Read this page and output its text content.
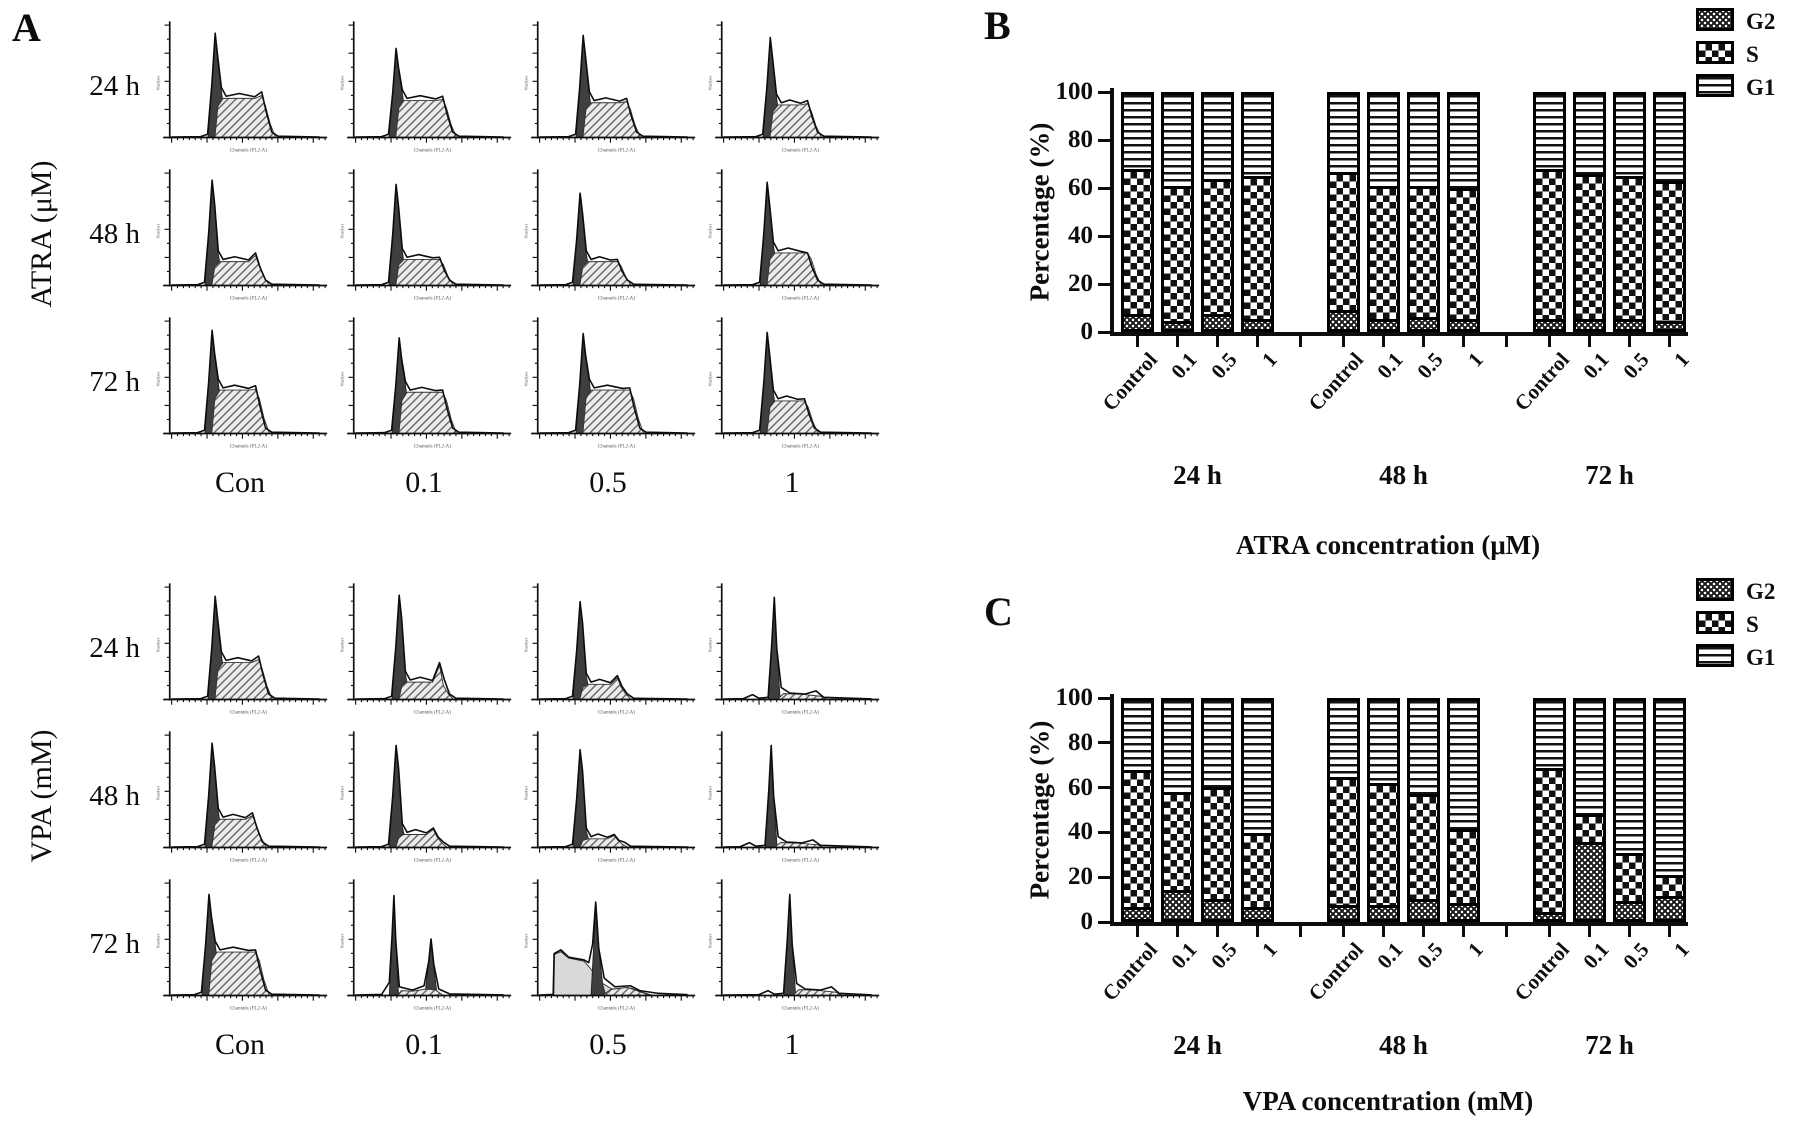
A	B
C
ATRA (μM)
VPA (mM)
24 h
Channels (FL2-A)
Number
Channels (FL2-A)
Number
Channels (FL2-A)
Number
Channels (FL2-A)
Number
48 h
Channels (FL2-A)
Number
Channels (FL2-A)
Number
Channels (FL2-A)
Number
Channels (FL2-A)
Number
72 h
Channels (FL2-A)
Number
Channels (FL2-A)
Number
Channels (FL2-A)
Number
Channels (FL2-A)
Number
Con	0.1	0.5	1
24 h
Channels (FL2-A)
Number
Channels (FL2-A)
Number
Channels (FL2-A)
Number
Channels (FL2-A)
Number
48 h
Channels (FL2-A)
Number
Channels (FL2-A)
Number
Channels (FL2-A)
Number
Channels (FL2-A)
Number
72 h
Channels (FL2-A)
Number
Channels (FL2-A)
Number
Channels (FL2-A)
Number
Channels (FL2-A)
Number
Con	0.1	0.5	1
0
20
40
60
80
100
Percentage (%)
Control 0.1 0.5 1
24 h
Control 0.1 0.5 1
48 h
Control 0.1 0.5 1
72 h
ATRA concentration (μM)
G2
S
G1
0
20
40
60
80
100
Percentage (%)
Control 0.1 0.5 1
24 h
Control 0.1 0.5 1
48 h
Control 0.1 0.5 1
72 h
VPA concentration (mM)
G2
S
G1
